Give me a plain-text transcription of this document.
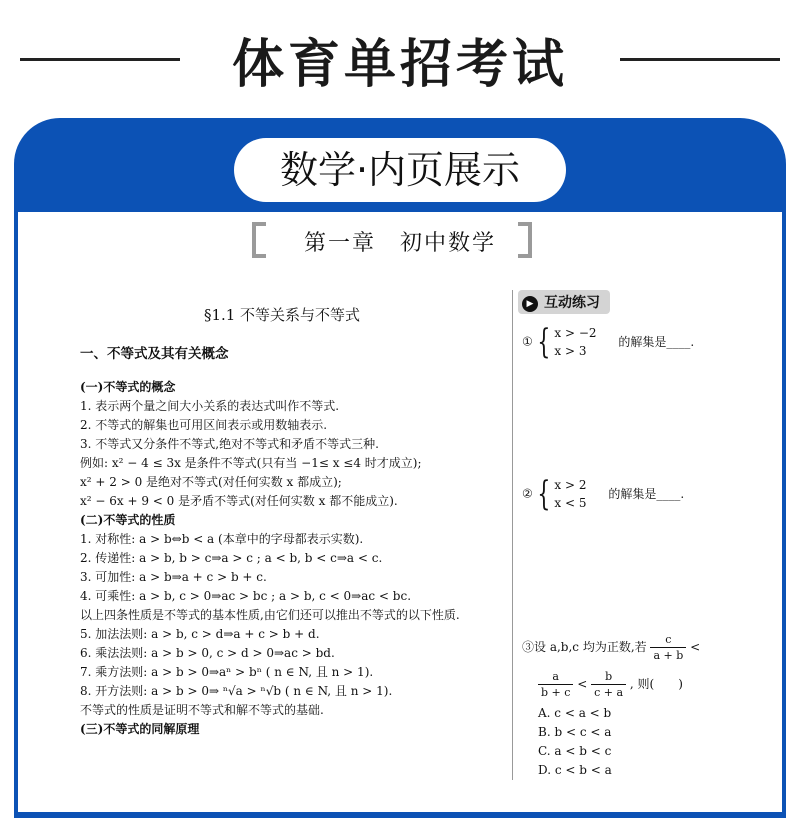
体育单招考试
数学·内页展示
第一章　初中数学
§1.1 不等关系与不等式
一、不等式及其有关概念
(一)不等式的概念
1. 表示两个量之间大小关系的表达式叫作不等式.
2. 不等式的解集也可用区间表示或用数轴表示.
3. 不等式又分条件不等式,绝对不等式和矛盾不等式三种.
例如: x² − 4 ≤ 3x 是条件不等式(只有当 −1≤ x ≤4 时才成立);
x² + 2 > 0 是绝对不等式(对任何实数 x 都成立);
x² − 6x + 9 < 0 是矛盾不等式(对任何实数 x 都不能成立).
(二)不等式的性质
1. 对称性: a > b⇔b < a (本章中的字母都表示实数).
2. 传递性: a > b, b > c⇒a > c ; a < b, b < c⇒a < c.
3. 可加性: a > b⇒a + c > b + c.
4. 可乘性: a > b, c > 0⇒ac > bc ; a > b, c < 0⇒ac < bc.
以上四条性质是不等式的基本性质,由它们还可以推出不等式的以下性质.
5. 加法法则: a > b, c > d⇒a + c > b + d.
6. 乘法法则: a > b > 0, c > d > 0⇒ac > bd.
7. 乘方法则: a > b > 0⇒aⁿ > bⁿ ( n ∈ N, 且 n > 1).
8. 开方法则: a > b > 0⇒ ⁿ√a > ⁿ√b ( n ∈ N, 且 n > 1).
不等式的性质是证明不等式和解不等式的基础.
(三)不等式的同解原理
▶ 互动练习
① { x > −2
x > 3
的解集是____.
② { x > 2
x < 5
的解集是____.
③设 a,b,c 均为正数,若 $\frac{c}{a + b}$ <
$\frac{a}{b + c} < \frac{b}{c + a}$ , 则(　　)
A. c < a < b
B. b < c < a
C. a < b < c
D. c < b < a
